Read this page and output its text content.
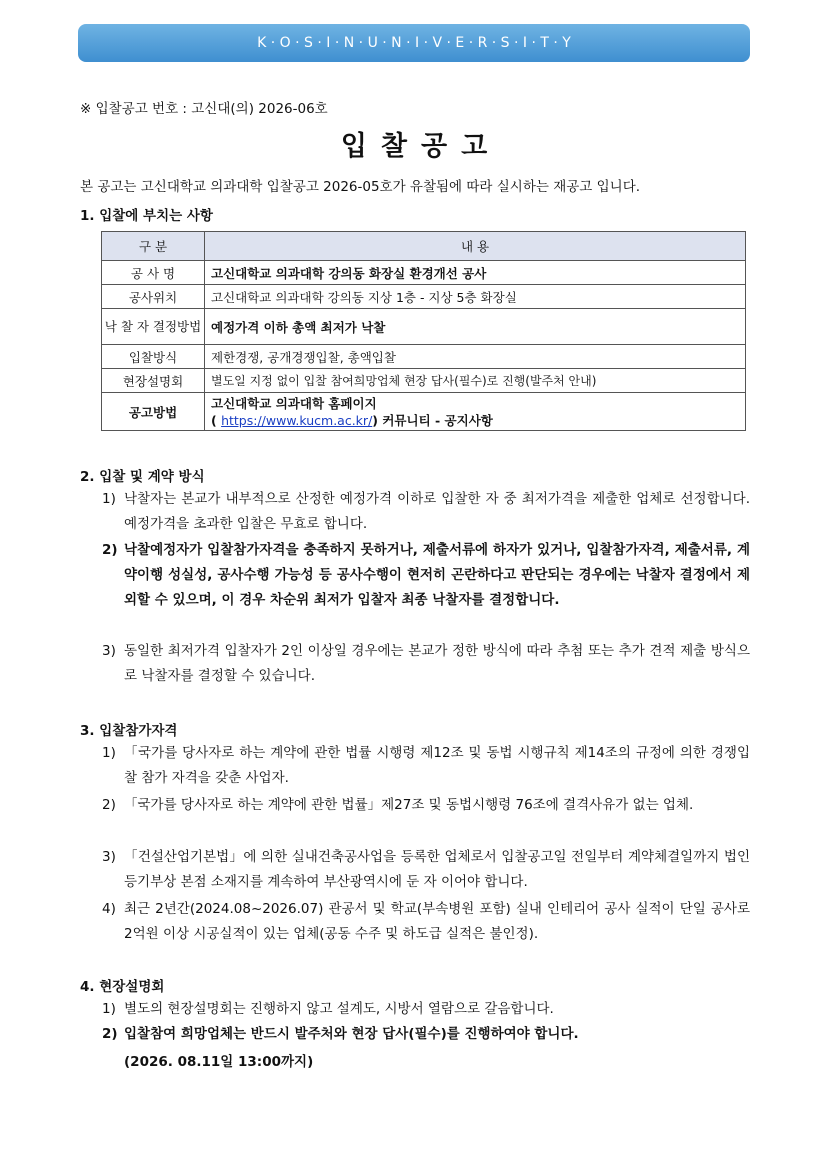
K · O · S · I · N · U · N · I · V · E · R · S · I · T · Y
※ 입찰공고 번호 : 고신대(의) 2026-06호
입찰공고
본 공고는 고신대학교 의과대학 입찰공고 2026-05호가 유찰됨에 따라 실시하는 재공고 입니다.
1. 입찰에 부치는 사항
구 분	내 용
공 사 명	고신대학교 의과대학 강의동 화장실 환경개선 공사
공사위치	고신대학교 의과대학 강의동 지상 1층 - 지상 5층 화장실
낙 찰 자 결정방법	예정가격 이하 총액 최저가 낙찰
입찰방식	제한경쟁, 공개경쟁입찰, 총액입찰
현장설명회	별도일 지정 없이 입찰 참여희망업체 현장 답사(필수)로 진행(발주처 안내)
공고방법	고신대학교 의과대학 홈페이지
( https://www.kucm.ac.kr/) 커뮤니티 - 공지사항
2. 입찰 및 계약 방식
1) 낙찰자는 본교가 내부적으로 산정한 예정가격 이하로 입찰한 자 중 최저가격을 제출한 업체로 선정합니다. 예정가격을 초과한 입찰은 무효로 합니다.
2) 낙찰예정자가 입찰참가자격을 충족하지 못하거나, 제출서류에 하자가 있거나, 입찰참가자격, 제출서류, 계약이행 성실성, 공사수행 가능성 등 공사수행이 현저히 곤란하다고 판단되는 경우에는 낙찰자 결정에서 제외할 수 있으며, 이 경우 차순위 최저가 입찰자 최종 낙찰자를 결정합니다.
3) 동일한 최저가격 입찰자가 2인 이상일 경우에는 본교가 정한 방식에 따라 추첨 또는 추가 견적 제출 방식으로 낙찰자를 결정할 수 있습니다.
3. 입찰참가자격
1) 「국가를 당사자로 하는 계약에 관한 법률 시행령 제12조 및 동법 시행규칙 제14조의 규정에 의한 경쟁입찰 참가 자격을 갖춘 사업자.
2) 「국가를 당사자로 하는 계약에 관한 법률」제27조 및 동법시행령 76조에 결격사유가 없는 업체.
3) 「건설산업기본법」에 의한 실내건축공사업을 등록한 업체로서 입찰공고일 전일부터 계약체결일까지 법인등기부상 본점 소재지를 계속하여 부산광역시에 둔 자 이어야 합니다.
4) 최근 2년간(2024.08~2026.07) 관공서 및 학교(부속병원 포함) 실내 인테리어 공사 실적이 단일 공사로 2억원 이상 시공실적이 있는 업체(공동 수주 및 하도급 실적은 불인정).
4. 현장설명회
1) 별도의 현장설명회는 진행하지 않고 설계도, 시방서 열람으로 갈음합니다.
2) 입찰참여 희망업체는 반드시 발주처와 현장 답사(필수)를 진행하여야 합니다.
(2026. 08.11일 13:00까지)
